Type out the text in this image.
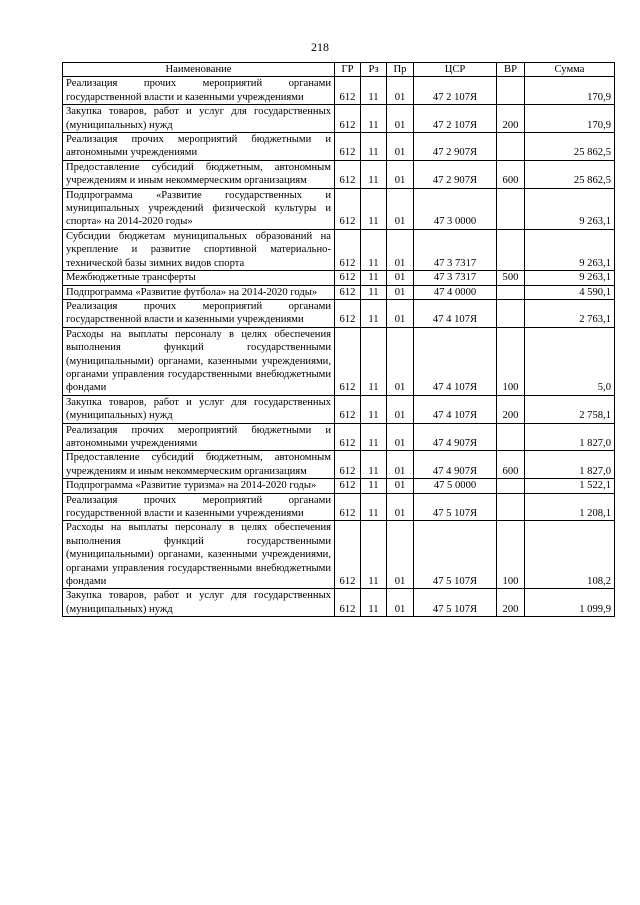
218
Наименование	ГР	Рз	Пр	ЦСР	ВР	Сумма
Реализация прочих мероприятий органами государственной власти и казенными учреждениями	612	11	01	47 2 107Я		170,9
Закупка товаров, работ и услуг для государственных (муниципальных) нужд	612	11	01	47 2 107Я	200	170,9
Реализация прочих мероприятий бюджетными и автономными учреждениями	612	11	01	47 2 907Я		25 862,5
Предоставление субсидий бюджетным, автономным учреждениям и иным некоммерческим организациям	612	11	01	47 2 907Я	600	25 862,5
Подпрограмма «Развитие государственных и муниципальных учреждений физической культуры и спорта» на 2014-2020 годы»	612	11	01	47 3 0000		9 263,1
Субсидии бюджетам муниципальных образований на укрепление и развитие спортивной материально-технической базы зимних видов спорта	612	11	01	47 3 7317		9 263,1
Межбюджетные трансферты	612	11	01	47 3 7317	500	9 263,1
Подпрограмма «Развитие футбола» на 2014-2020 годы»	612	11	01	47 4 0000		4 590,1
Реализация прочих мероприятий органами государственной власти и казенными учреждениями	612	11	01	47 4 107Я		2 763,1
Расходы на выплаты персоналу в целях обеспечения выполнения функций государственными (муниципальными) органами, казенными учреждениями, органами управления государственными внебюджетными фондами	612	11	01	47 4 107Я	100	5,0
Закупка товаров, работ и услуг для государственных (муниципальных) нужд	612	11	01	47 4 107Я	200	2 758,1
Реализация прочих мероприятий бюджетными и автономными учреждениями	612	11	01	47 4 907Я		1 827,0
Предоставление субсидий бюджетным, автономным учреждениям и иным некоммерческим организациям	612	11	01	47 4 907Я	600	1 827,0
Подпрограмма «Развитие туризма» на 2014-2020 годы»	612	11	01	47 5 0000		1 522,1
Реализация прочих мероприятий органами государственной власти и казенными учреждениями	612	11	01	47 5 107Я		1 208,1
Расходы на выплаты персоналу в целях обеспечения выполнения функций государственными (муниципальными) органами, казенными учреждениями, органами управления государственными внебюджетными фондами	612	11	01	47 5 107Я	100	108,2
Закупка товаров, работ и услуг для государственных (муниципальных) нужд	612	11	01	47 5 107Я	200	1 099,9
